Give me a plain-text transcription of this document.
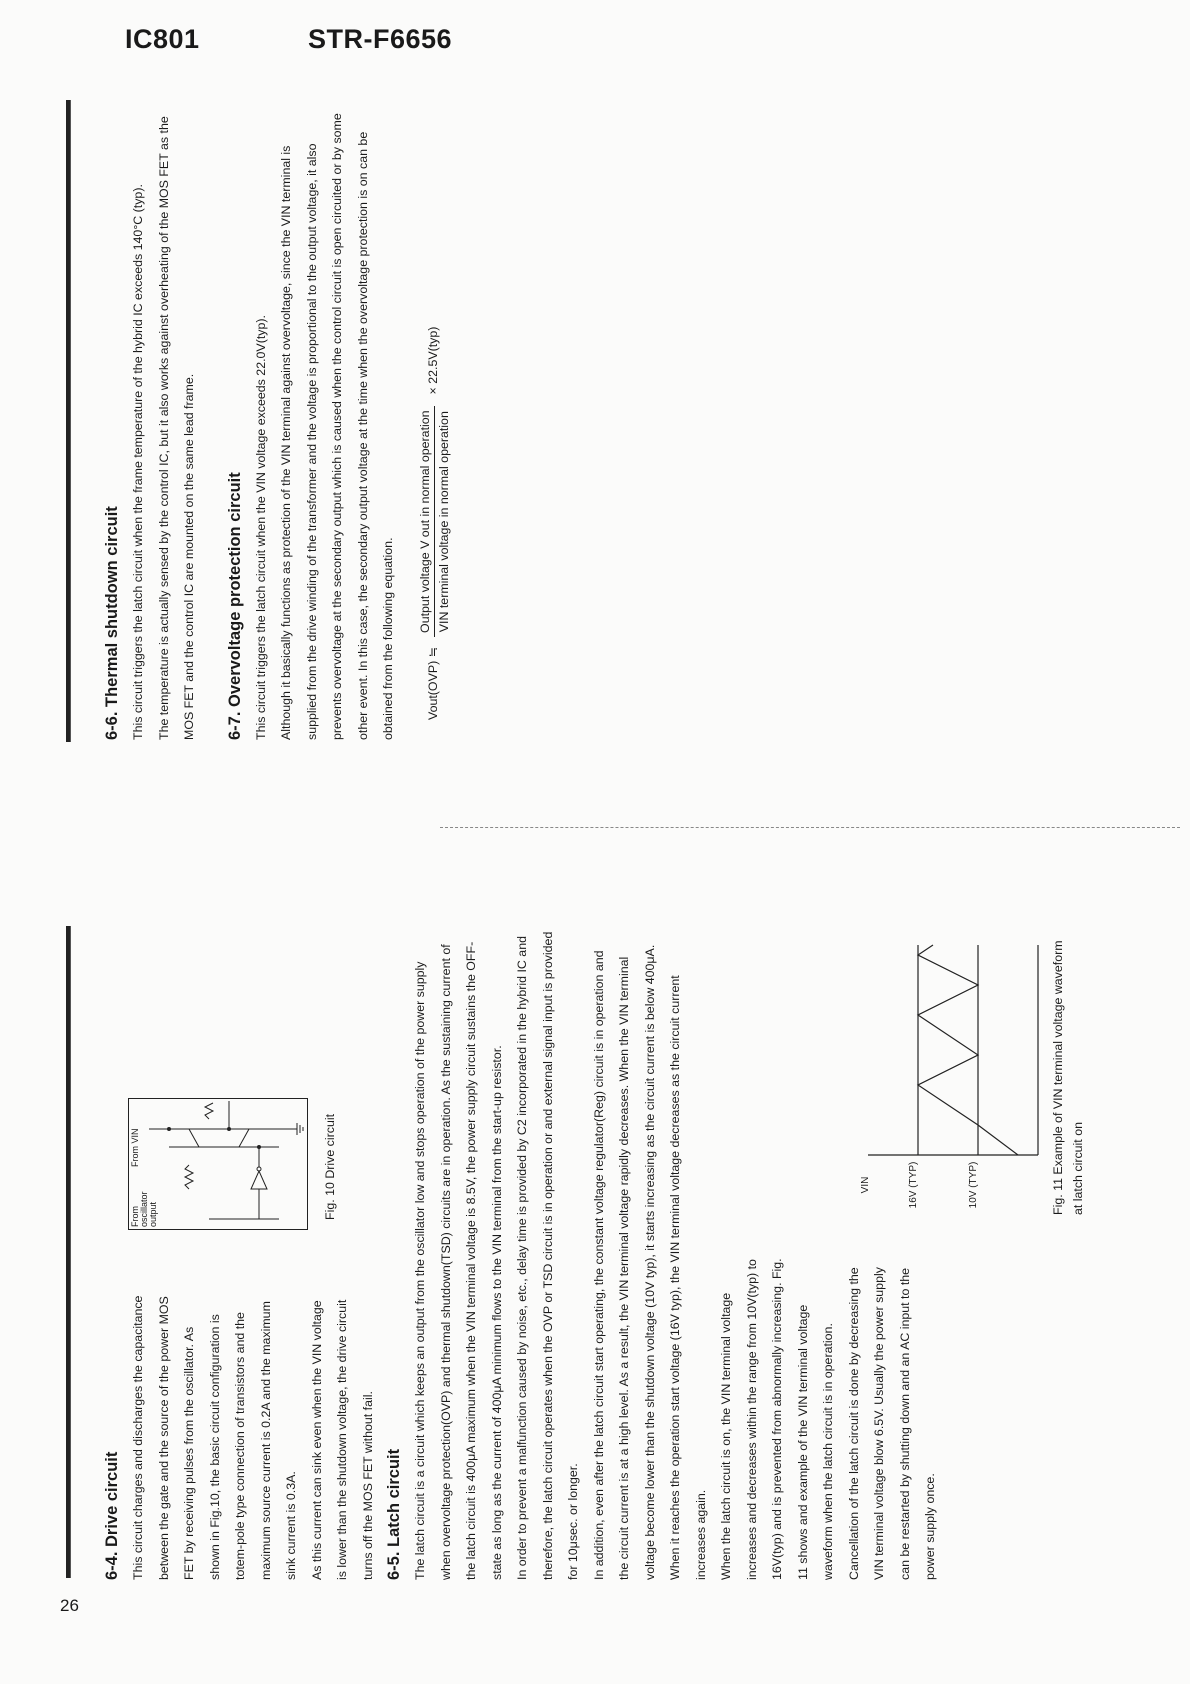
IC801	STR-F6656
26
6-6. Thermal shutdown circuit This circuit triggers the latch circuit when the frame temperature of the hybrid IC exceeds 140°C (typ). The temperature is actually sensed by the control IC, but it also works against overheating of the MOS FET as the MOS FET and the control IC are mounted on the same lead frame.	6-7. Overvoltage protection circuit This circuit triggers the latch circuit when the VIN voltage exceeds 22.0V(typ). Although it basically functions as protection of the VIN terminal against overvoltage, since the VIN terminal is supplied from the drive winding of the transformer and the voltage is proportional to the output voltage, it also prevents overvoltage at the secondary output which is caused when the control circuit is open circuited or by some other event. In this case, the secondary output voltage at the time when the overvoltage protection is on can be obtained from the following equation.	Vout(OVP) ≒
Output voltage V out in normal operation VIN terminal voltage in normal operation
× 22.5V(typ)
6-4. Drive circuit This circuit charges and discharges the capacitance between the gate and the source of the power MOS FET by receiving pulses from the oscillator. As shown in Fig.10, the basic circuit configuration is totem-pole type connection of transistors and the maximum source current is 0.2A and the maximum sink current is 0.3A. As this current can sink even when the VIN voltage is lower than the shutdown voltage, the drive circuit turns off the MOS FET without fail.

From oscillator output
From VIN	Fig. 10 Drive circuit
6-5. Latch circuit The latch circuit is a circuit which keeps an output from the oscillator low and stops operation of the power supply when overvoltage protection(OVP) and thermal shutdown(TSD) circuits are in operation. As the sustaining current of the latch circuit is 400μA maximum when the VIN terminal voltage is 8.5V, the power supply circuit sustains the OFF-state as long as the current of 400μA minimum flows to the VIN terminal from the start-up resistor. In order to prevent a malfunction caused by noise, etc., delay time is provided by C2 incorporated in the hybrid IC and therefore, the latch circuit operates when the OVP or TSD circuit is in operation or and external signal input is provided for 10μsec. or longer. In addition, even after the latch circuit start operating, the constant voltage regulator(Reg) circuit is in operation and the circuit current is at a high level. As a result, the VIN terminal voltage rapidly decreases. When the VIN terminal voltage become lower than the shutdown voltage (10V typ), it starts increasing as the circuit current is below 400μA. When it reaches the operation start voltage (16V typ), the VIN terminal voltage decreases as the circuit current increases again. When the latch circuit is on, the VIN terminal voltage increases and decreases within the range from 10V(typ) to 16V(typ) and is prevented from abnormally increasing. Fig. 11 shows and example of the VIN terminal voltage waveform when the latch circuit is in operation. Cancellation of the latch circuit is done by decreasing the VIN terminal voltage blow 6.5V. Usually the power supply can be restarted by shutting down and an AC input to the power supply once.

VIN	16V (TYP)	10V (TYP)	Fig. 11 Example of VIN terminal voltage waveform at latch circuit on
